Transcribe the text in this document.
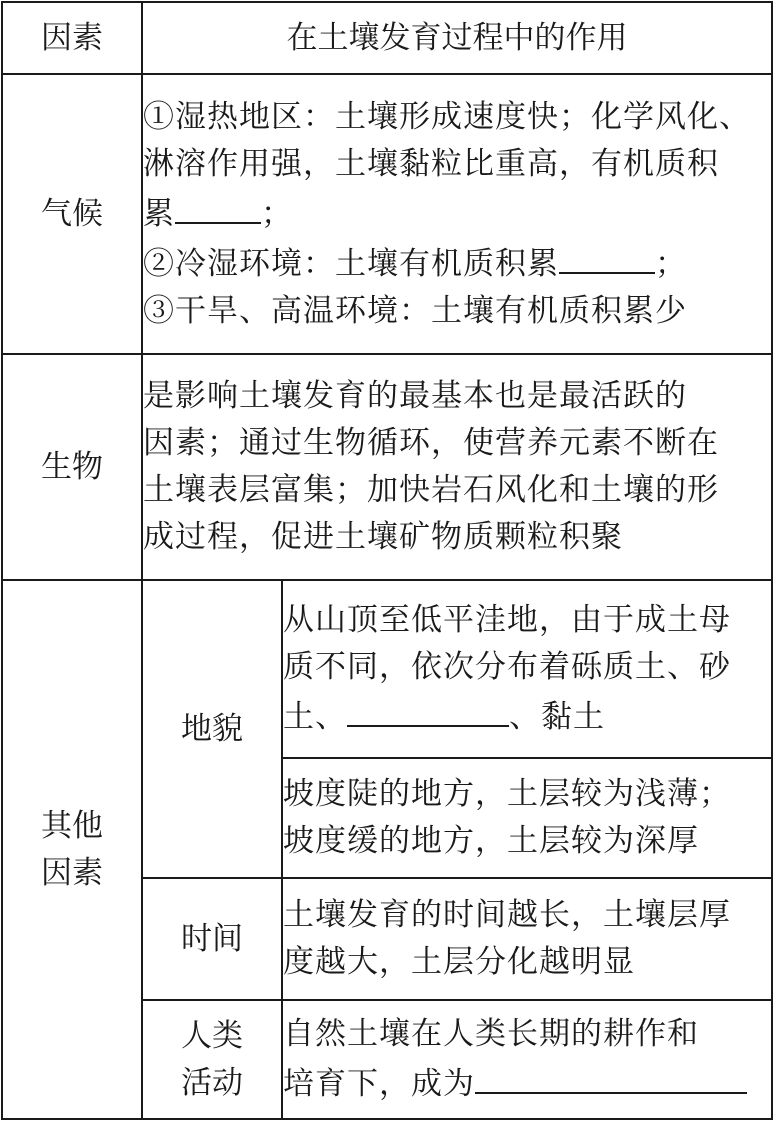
因素	在土壤发育过程中的作用	
气候	①湿热地区：土壤形成速度快；化学风化、
淋溶作用强，土壤黏粒比重高，有机质积
累 ；
②冷湿环境：土壤有机质积累 ；
③干旱、高温环境：土壤有机质积累少	

生物	是影响土壤发育的最基本也是最活跃的
因素；通过生物循环，使营养元素不断在
土壤表层富集；加快岩石风化和土壤的形
成过程，促进土壤矿物质颗粒积聚	

其他
因素	地貌	从山顶至低平洼地，由于成土母
质不同，依次分布着砾质土、砂
土、 、黏土

		坡度陡的地方，土层较为浅薄；
坡度缓的地方，土层较为深厚

	时间	土壤发育的时间越长，土壤层厚
度越大，土层分化越明显

	人类
活动	自然土壤在人类长期的耕作和
培育下，成为
